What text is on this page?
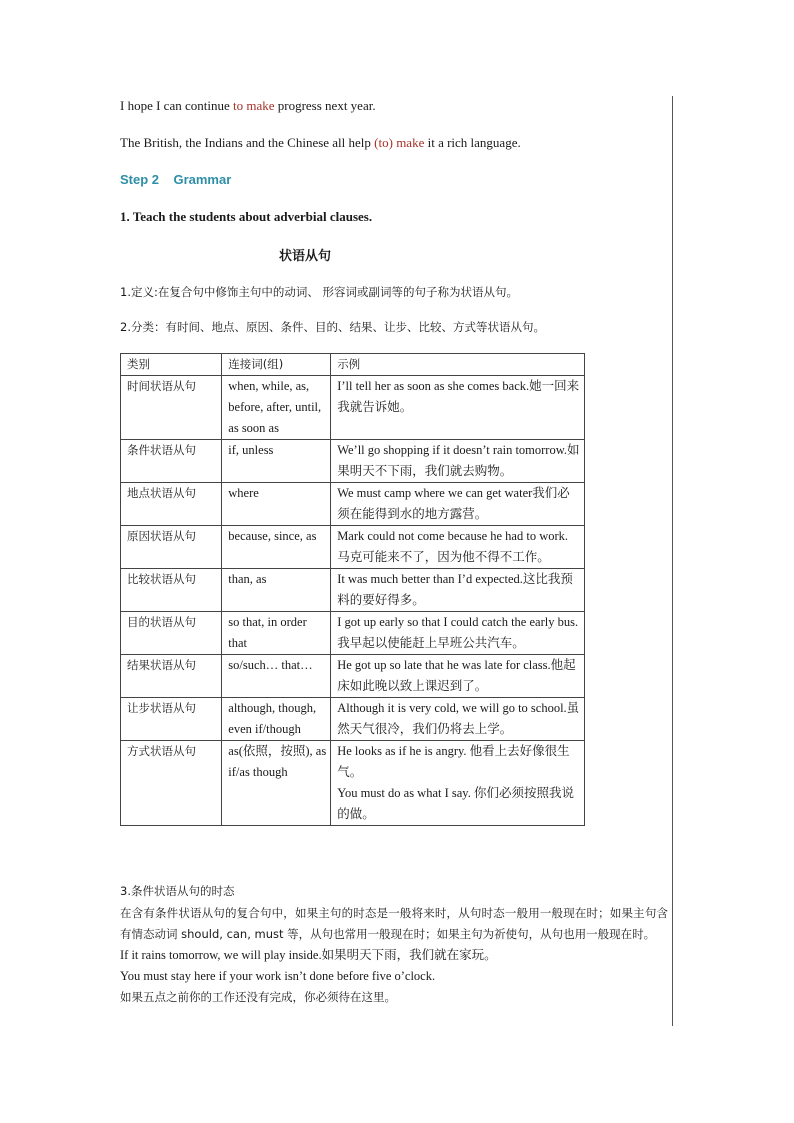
I hope I can continue to make progress next year.
The British, the Indians and the Chinese all help (to) make it a rich language.
Step 2 Grammar
1. Teach the students about adverbial clauses.
状语从句
1.定义:在复合句中修饰主句中的动词、 形容词或副词等的句子称为状语从句。
2.分类：有时间、地点、原因、条件、目的、结果、让步、比较、方式等状语从句。
类别	连接词(组)	示例
时间状语从句	when, while, as, before, after, until, as soon as	I’ll tell her as soon as she comes back.她一回来我就告诉她。
条件状语从句	if, unless	We’ll go shopping if it doesn’t rain tomorrow.如果明天不下雨，我们就去购物。
地点状语从句	where	We must camp where we can get water我们必须在能得到水的地方露营。
原因状语从句	because, since, as	Mark could not come because he had to work.马克可能来不了，因为他不得不工作。
比较状语从句	than, as	It was much better than I’d expected.这比我预料的要好得多。
目的状语从句	so that, in order that	I got up early so that I could catch the early bus.我早起以使能赶上早班公共汽车。
结果状语从句	so/such… that…	He got up so late that he was late for class.他起床如此晚以致上课迟到了。
让步状语从句	although, though, even if/though	Although it is very cold, we will go to school.虽然天气很冷，我们仍将去上学。
方式状语从句	as(依照，按照), as if/as though	He looks as if he is angry. 他看上去好像很生气。
You must do as what I say. 你们必须按照我说的做。
3.条件状语从句的时态
在含有条件状语从句的复合句中，如果主句的时态是一般将来时，从句时态一般用一般现在时；如果主句含有情态动词 should, can, must 等，从句也常用一般现在时；如果主句为祈使句，从句也用一般现在时。
If it rains tomorrow, we will play inside.如果明天下雨，我们就在家玩。
You must stay here if your work isn’t done before five o’clock.
如果五点之前你的工作还没有完成，你必须待在这里。
